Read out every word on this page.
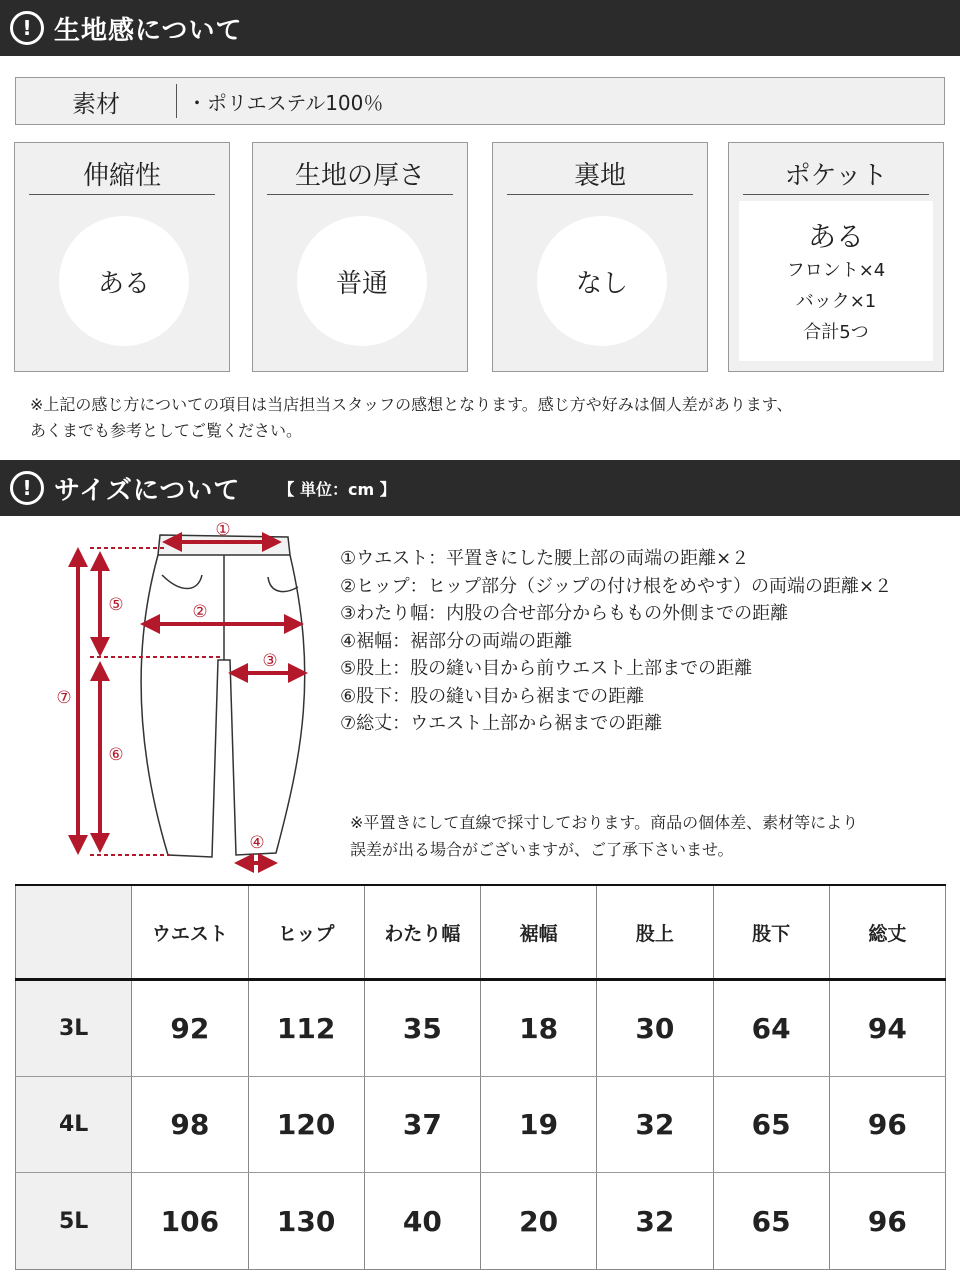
! 生地感について
素材	・ポリエステル100％
伸縮性
ある
生地の厚さ
普通
裏地
なし
ポケット
ある
フロント×4
バック×1
合計5つ
※上記の感じ方についての項目は当店担当スタッフの感想となります。感じ方や好みは個人差があります、
あくまでも参考としてご覧ください。
! サイズについて 【 単位：cm 】
①
②
③
④
⑤
⑥
⑦
①ウエスト：平置きにした腰上部の両端の距離×２
②ヒップ：ヒップ部分（ジップの付け根をめやす）の両端の距離×２
③わたり幅：内股の合せ部分からももの外側までの距離
④裾幅：裾部分の両端の距離
⑤股上：股の縫い目から前ウエスト上部までの距離
⑥股下：股の縫い目から裾までの距離
⑦総丈：ウエスト上部から裾までの距離
※平置きにして直線で採寸しております。商品の個体差、素材等により
誤差が出る場合がございますが、ご了承下さいませ。
	ウエスト	ヒップ	わたり幅	裾幅	股上	股下	総丈
3L	92	112	35	18	30	64	94
4L	98	120	37	19	32	65	96
5L	106	130	40	20	32	65	96
